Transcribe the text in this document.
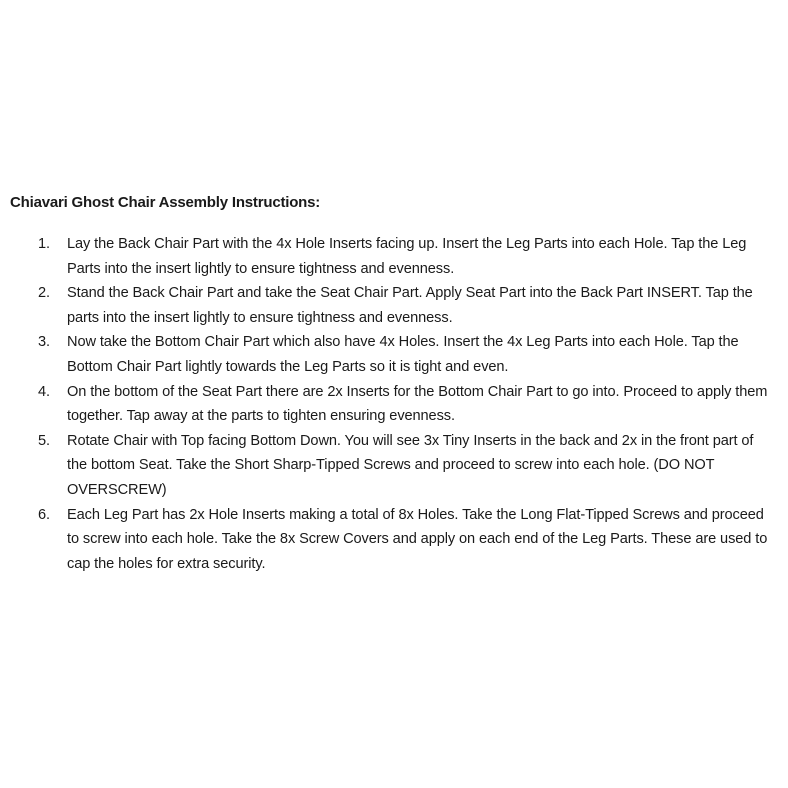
Chiavari Ghost Chair Assembly Instructions:
1.	Lay the Back Chair Part with the 4x Hole Inserts facing up. Insert the Leg Parts into each Hole. Tap the Leg Parts into the insert lightly to ensure tightness and evenness.
2.	Stand the Back Chair Part and take the Seat Chair Part. Apply Seat Part into the Back Part INSERT. Tap the parts into the insert lightly to ensure tightness and evenness.
3.	Now take the Bottom Chair Part which also have 4x Holes. Insert the 4x Leg Parts into each Hole. Tap the Bottom Chair Part lightly towards the Leg Parts so it is tight and even.
4.	On the bottom of the Seat Part there are 2x Inserts for the Bottom Chair Part to go into. Proceed to apply them together. Tap away at the parts to tighten ensuring evenness.
5.	Rotate Chair with Top facing Bottom Down. You will see 3x Tiny Inserts in the back and 2x in the front part of the bottom Seat. Take the Short Sharp-Tipped Screws and proceed to screw into each hole. (DO NOT OVERSCREW)
6.	Each Leg Part has 2x Hole Inserts making a total of 8x Holes. Take the Long Flat-Tipped Screws and proceed to screw into each hole. Take the 8x Screw Covers and apply on each end of the Leg Parts. These are used to cap the holes for extra security.
